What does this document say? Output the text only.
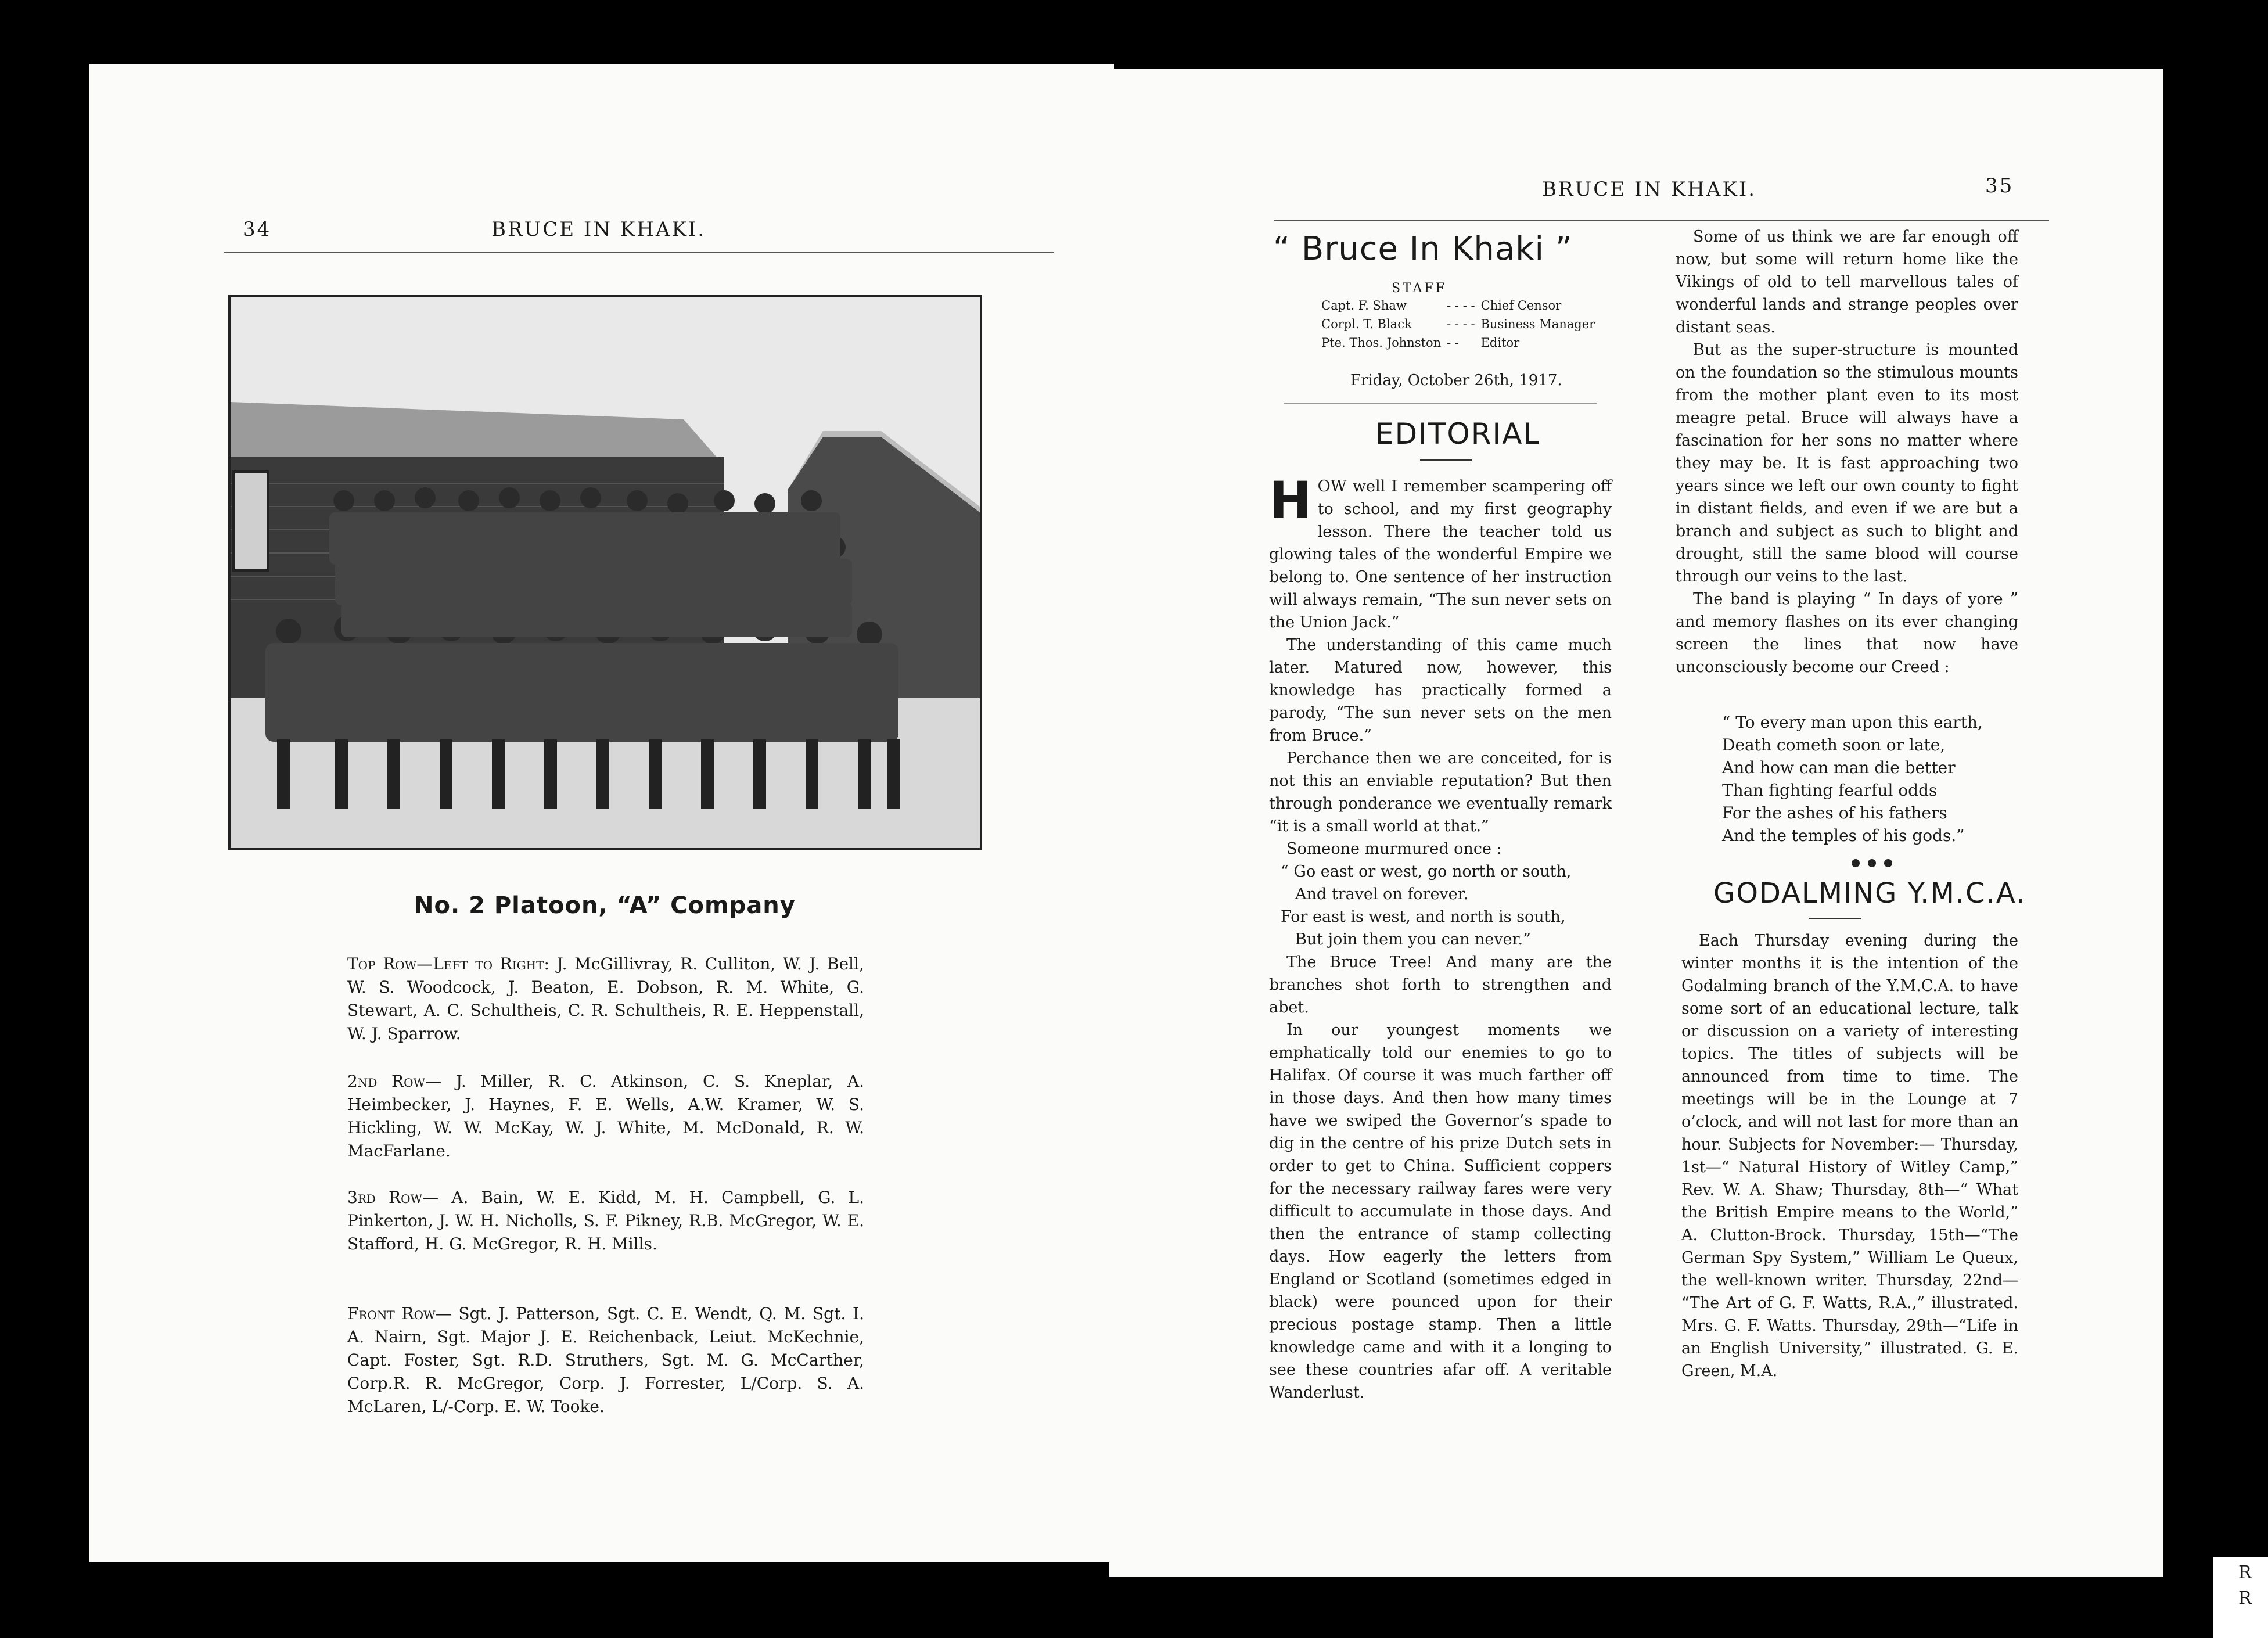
34	BRUCE IN KHAKI.
No. 2 Platoon, “A” Company
Top Row—Left to Right: J. McGillivray, R. Culliton, W. J. Bell, W. S. Woodcock, J. Beaton, E. Dobson, R. M. White, G. Stewart, A. C. Schultheis, C. R. Schultheis, R. E. Heppenstall, W. J. Sparrow.
2nd Row— J. Miller, R. C. Atkinson, C. S. Kneplar, A. Heimbecker, J. Haynes, F. E. Wells, A.W. Kramer, W. S. Hickling, W. W. McKay, W. J. White, M. McDonald, R. W. MacFarlane.
3rd Row— A. Bain, W. E. Kidd, M. H. Campbell, G. L. Pinkerton, J. W. H. Nicholls, S. F. Pikney, R.B. McGregor, W. E. Stafford, H. G. McGregor, R. H. Mills.
Front Row— Sgt. J. Patterson, Sgt. C. E. Wendt, Q. M. Sgt. I. A. Nairn, Sgt. Major J. E. Reichenback, Leiut. McKechnie, Capt. Foster, Sgt. R.D. Struthers, Sgt. M. G. McCarther, Corp.R. R. McGregor, Corp. J. Forrester, L/Corp. S. A. McLaren, L/-Corp. E. W. Tooke.
BRUCE IN KHAKI.	35
“ Bruce In Khaki ”
STAFF
Capt. F. Shaw	- - - -	Chief Censor
Corpl. T. Black	- - - -	Business Manager
Pte. Thos. Johnston	- -	Editor
Friday, October 26th, 1917.
EDITORIAL

HOW well I remember scampering off to school, and my first geography lesson. There the teacher told us glowing tales of the wonderful Empire we belong to. One sentence of her instruction will always remain, “The sun never sets on the Union Jack.”

The understanding of this came much later. Matured now, however, this knowledge has practically formed a parody, “The sun never sets on the men from Bruce.”

Perchance then we are conceited, for is not this an enviable reputation? But then through ponderance we eventually remark “it is a small world at that.”

Someone murmured once :

“ Go east or west, go north or south,

And travel on forever.

For east is west, and north is south,

But join them you can never.”

The Bruce Tree! And many are the branches shot forth to strengthen and abet.

In our youngest moments we emphatically told our enemies to go to Halifax. Of course it was much farther off in those days. And then how many times have we swiped the Governor’s spade to dig in the centre of his prize Dutch sets in order to get to China. Sufficient coppers for the necessary railway fares were very difficult to accumulate in those days. And then the entrance of stamp collecting days. How eagerly the letters from England or Scotland (sometimes edged in black) were pounced upon for their precious postage stamp. Then a little knowledge came and with it a longing to see these countries afar off. A veritable Wanderlust.

Some of us think we are far enough off now, but some will return home like the Vikings of old to tell marvellous tales of wonderful lands and strange peoples over distant seas.

But as the super-structure is mounted on the foundation so the stimulous mounts from the mother plant even to its most meagre petal. Bruce will always have a fascination for her sons no matter where they may be. It is fast approaching two years since we left our own county to fight in distant fields, and even if we are but a branch and subject as such to blight and drought, still the same blood will course through our veins to the last.

The band is playing “ In days of yore ” and memory flashes on its ever changing screen the lines that now have unconsciously become our Creed :

“ To every man upon this earth,
Death cometh soon or late,
And how can man die better
Than fighting fearful odds
For the ashes of his fathers
And the temples of his gods.”
GODALMING Y.M.C.A.

Each Thursday evening during the winter months it is the intention of the Godalming branch of the Y.M.C.A. to have some sort of an educational lecture, talk or discussion on a variety of interesting topics. The titles of subjects will be announced from time to time. The meetings will be in the Lounge at 7 o’clock, and will not last for more than an hour. Subjects for November:— Thursday, 1st—“ Natural History of Witley Camp,” Rev. W. A. Shaw; Thursday, 8th—“ What the British Empire means to the World,” A. Clutton-Brock. Thursday, 15th—“The German Spy System,” William Le Queux, the well-known writer. Thursday, 22nd— “The Art of G. F. Watts, R.A.,” illustrated. Mrs. G. F. Watts. Thursday, 29th—“Life in an English University,” illustrated. G. E. Green, M.A.

R
R
